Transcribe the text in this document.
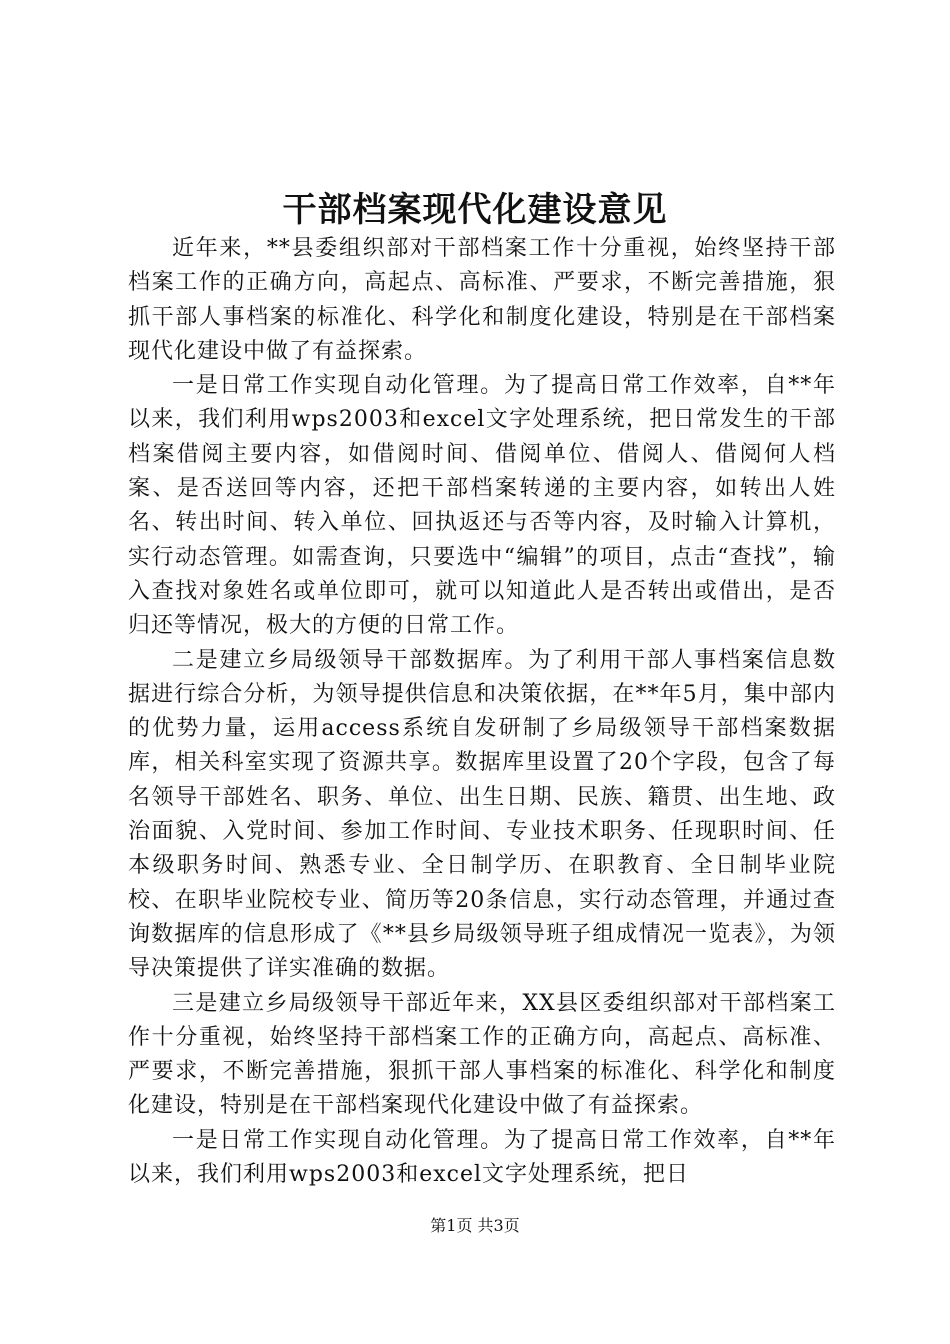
干部档案现代化建设意见

近年来，**县委组织部对干部档案工作十分重视，始终坚持干部档案工作的正确方向，高起点、高标准、严要求，不断完善措施，狠抓干部人事档案的标准化、科学化和制度化建设，特别是在干部档案现代化建设中做了有益探索。

一是日常工作实现自动化管理。为了提高日常工作效率，自**年以来，我们利用wps2003和excel文字处理系统，把日常发生的干部档案借阅主要内容，如借阅时间、借阅单位、借阅人、借阅何人档案、是否送回等内容，还把干部档案转递的主要内容，如转出人姓名、转出时间、转入单位、回执返还与否等内容，及时输入计算机，实行动态管理。如需查询，只要选中“编辑”的项目，点击“查找”，输入查找对象姓名或单位即可，就可以知道此人是否转出或借出，是否归还等情况，极大的方便的日常工作。

二是建立乡局级领导干部数据库。为了利用干部人事档案信息数据进行综合分析，为领导提供信息和决策依据，在**年5月，集中部内的优势力量，运用access系统自发研制了乡局级领导干部档案数据库，相关科室实现了资源共享。数据库里设置了20个字段，包含了每名领导干部姓名、职务、单位、出生日期、民族、籍贯、出生地、政治面貌、入党时间、参加工作时间、专业技术职务、任现职时间、任本级职务时间、熟悉专业、全日制学历、在职教育、全日制毕业院校、在职毕业院校专业、简历等20条信息，实行动态管理，并通过查询数据库的信息形成了《**县乡局级领导班子组成情况一览表》，为领导决策提供了详实准确的数据。

三是建立乡局级领导干部近年来，XX县区委组织部对干部档案工作十分重视，始终坚持干部档案工作的正确方向，高起点、高标准、严要求，不断完善措施，狠抓干部人事档案的标准化、科学化和制度化建设，特别是在干部档案现代化建设中做了有益探索。

一是日常工作实现自动化管理。为了提高日常工作效率，自**年以来，我们利用wps2003和excel文字处理系统，把日

第1页 共3页
